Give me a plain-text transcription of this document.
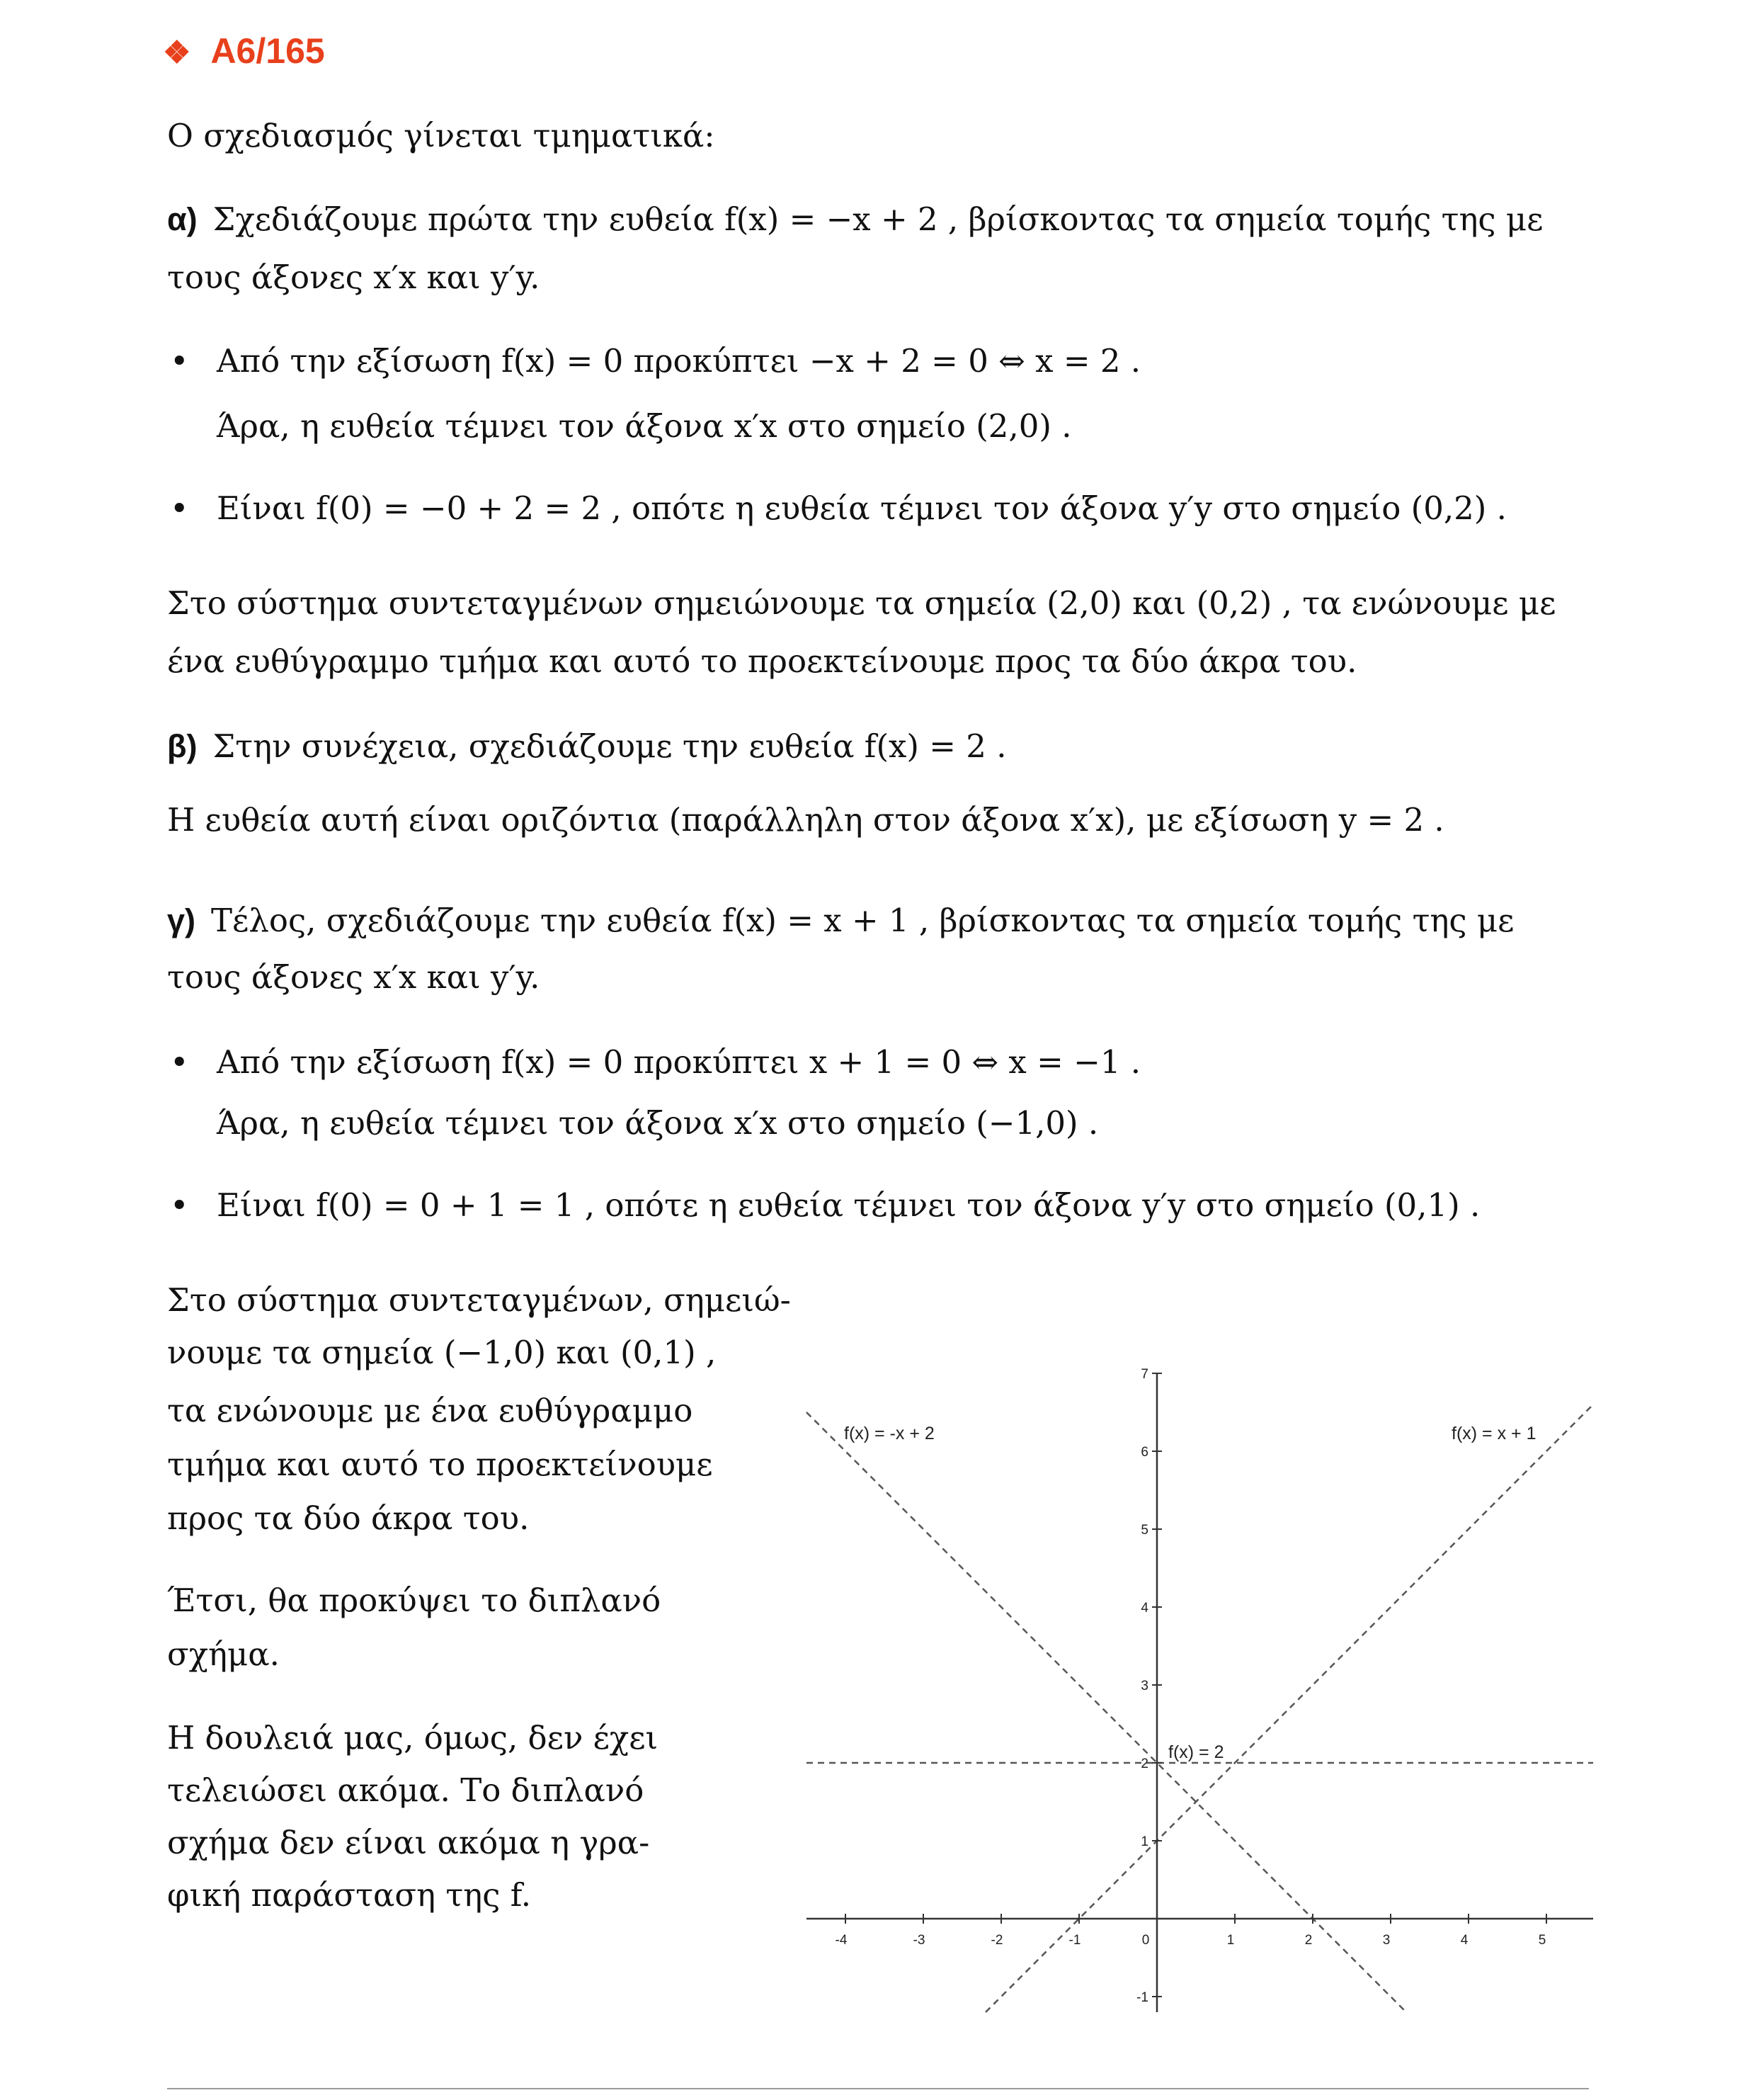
❖ Α6/165
Ο σχεδιασμός γίνεται τμηματικά:
α) Σχεδιάζουμε πρώτα την ευθεία f(x) = −x + 2 , βρίσκοντας τα σημεία τομής της με
τους άξονες x′x και y′y.
• Από την εξίσωση f(x) = 0 προκύπτει −x + 2 = 0 ⇔ x = 2 .
Άρα, η ευθεία τέμνει τον άξονα x′x στο σημείο (2,0) .
• Είναι f(0) = −0 + 2 = 2 , οπότε η ευθεία τέμνει τον άξονα y′y στο σημείο (0,2) .
Στο σύστημα συντεταγμένων σημειώνουμε τα σημεία (2,0) και (0,2) , τα ενώνουμε με
ένα ευθύγραμμο τμήμα και αυτό το προεκτείνουμε προς τα δύο άκρα του.
β) Στην συνέχεια, σχεδιάζουμε την ευθεία f(x) = 2 .
Η ευθεία αυτή είναι οριζόντια (παράλληλη στον άξονα x′x), με εξίσωση y = 2 .
γ) Τέλος, σχεδιάζουμε την ευθεία f(x) = x + 1 , βρίσκοντας τα σημεία τομής της με
τους άξονες x′x και y′y.
• Από την εξίσωση f(x) = 0 προκύπτει x + 1 = 0 ⇔ x = −1 .
Άρα, η ευθεία τέμνει τον άξονα x′x στο σημείο (−1,0) .
• Είναι f(0) = 0 + 1 = 1 , οπότε η ευθεία τέμνει τον άξονα y′y στο σημείο (0,1) .
Στο σύστημα συντεταγμένων, σημειώ-
νουμε τα σημεία (−1,0) και (0,1) ,
τα ενώνουμε με ένα ευθύγραμμο
τμήμα και αυτό το προεκτείνουμε
προς τα δύο άκρα του.
Έτσι, θα προκύψει το διπλανό
σχήμα.
Η δουλειά μας, όμως, δεν έχει
τελειώσει ακόμα. Το διπλανό
σχήμα δεν είναι ακόμα η γρα-
φική παράσταση της f.
-4	-3	-2	-1	0	1	2	3	4	5
-1
1
2
3
4
5
6
7
f(x) = -x + 2
f(x) = 2
f(x) = x + 1
